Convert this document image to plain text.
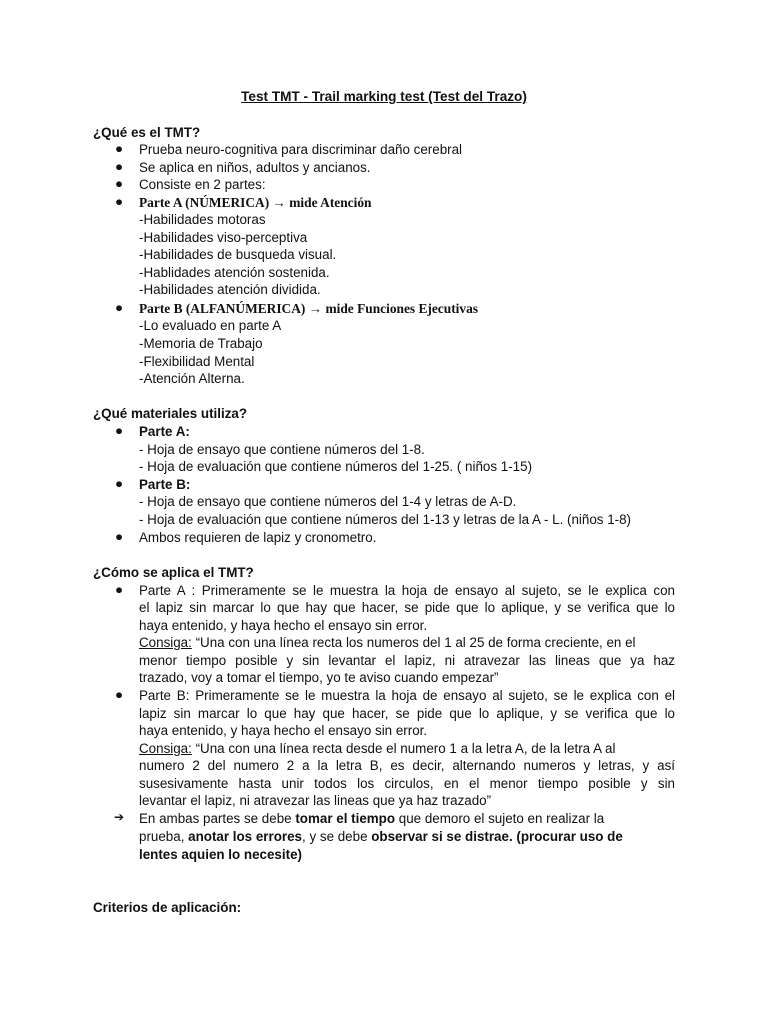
Test TMT - Trail marking test (Test del Trazo)
¿Qué es el TMT?
● Prueba neuro-cognitiva para discriminar daño cerebral
● Se aplica en niños, adultos y ancianos.
● Consiste en 2 partes:
● Parte A (NÚMERICA) → mide Atención
-Habilidades motoras
-Habilidades viso-perceptiva
-Habilidades de busqueda visual.
-Hablidades atención sostenida.
-Habilidades atención dividida.
● Parte B (ALFANÚMERICA) → mide Funciones Ejecutivas
-Lo evaluado en parte A
-Memoria de Trabajo
-Flexibilidad Mental
-Atención Alterna.
¿Qué materiales utiliza?
● Parte A:
- Hoja de ensayo que contiene números del 1-8.
- Hoja de evaluación que contiene números del 1-25. ( niños 1-15)
● Parte B:
- Hoja de ensayo que contiene números del 1-4 y letras de A-D.
- Hoja de evaluación que contiene números del 1-13 y letras de la A - L. (niños 1-8)
● Ambos requieren de lapiz y cronometro.
¿Cómo se aplica el TMT?
● Parte A : Primeramente se le muestra la hoja de ensayo al sujeto, se le explica con
el lapiz sin marcar lo que hay que hacer, se pide que lo aplique, y se verifica que lo
haya entenido, y haya hecho el ensayo sin error.
Consiga: “Una con una línea recta los numeros del 1 al 25 de forma creciente, en el
menor tiempo posible y sin levantar el lapiz, ni atravezar las lineas que ya haz
trazado, voy a tomar el tiempo, yo te aviso cuando empezar”
● Parte B: Primeramente se le muestra la hoja de ensayo al sujeto, se le explica con el
lapiz sin marcar lo que hay que hacer, se pide que lo aplique, y se verifica que lo
haya entenido, y haya hecho el ensayo sin error.
Consiga: “Una con una línea recta desde el numero 1 a la letra A, de la letra A al
numero 2 del numero 2 a la letra B, es decir, alternando numeros y letras, y así
susesivamente hasta unir todos los circulos, en el menor tiempo posible y sin
levantar el lapiz, ni atravezar las lineas que ya haz trazado”
➔ En ambas partes se debe tomar el tiempo que demoro el sujeto en realizar la
prueba, anotar los errores, y se debe observar si se distrae. (procurar uso de
lentes aquien lo necesite)
Criterios de aplicación:
